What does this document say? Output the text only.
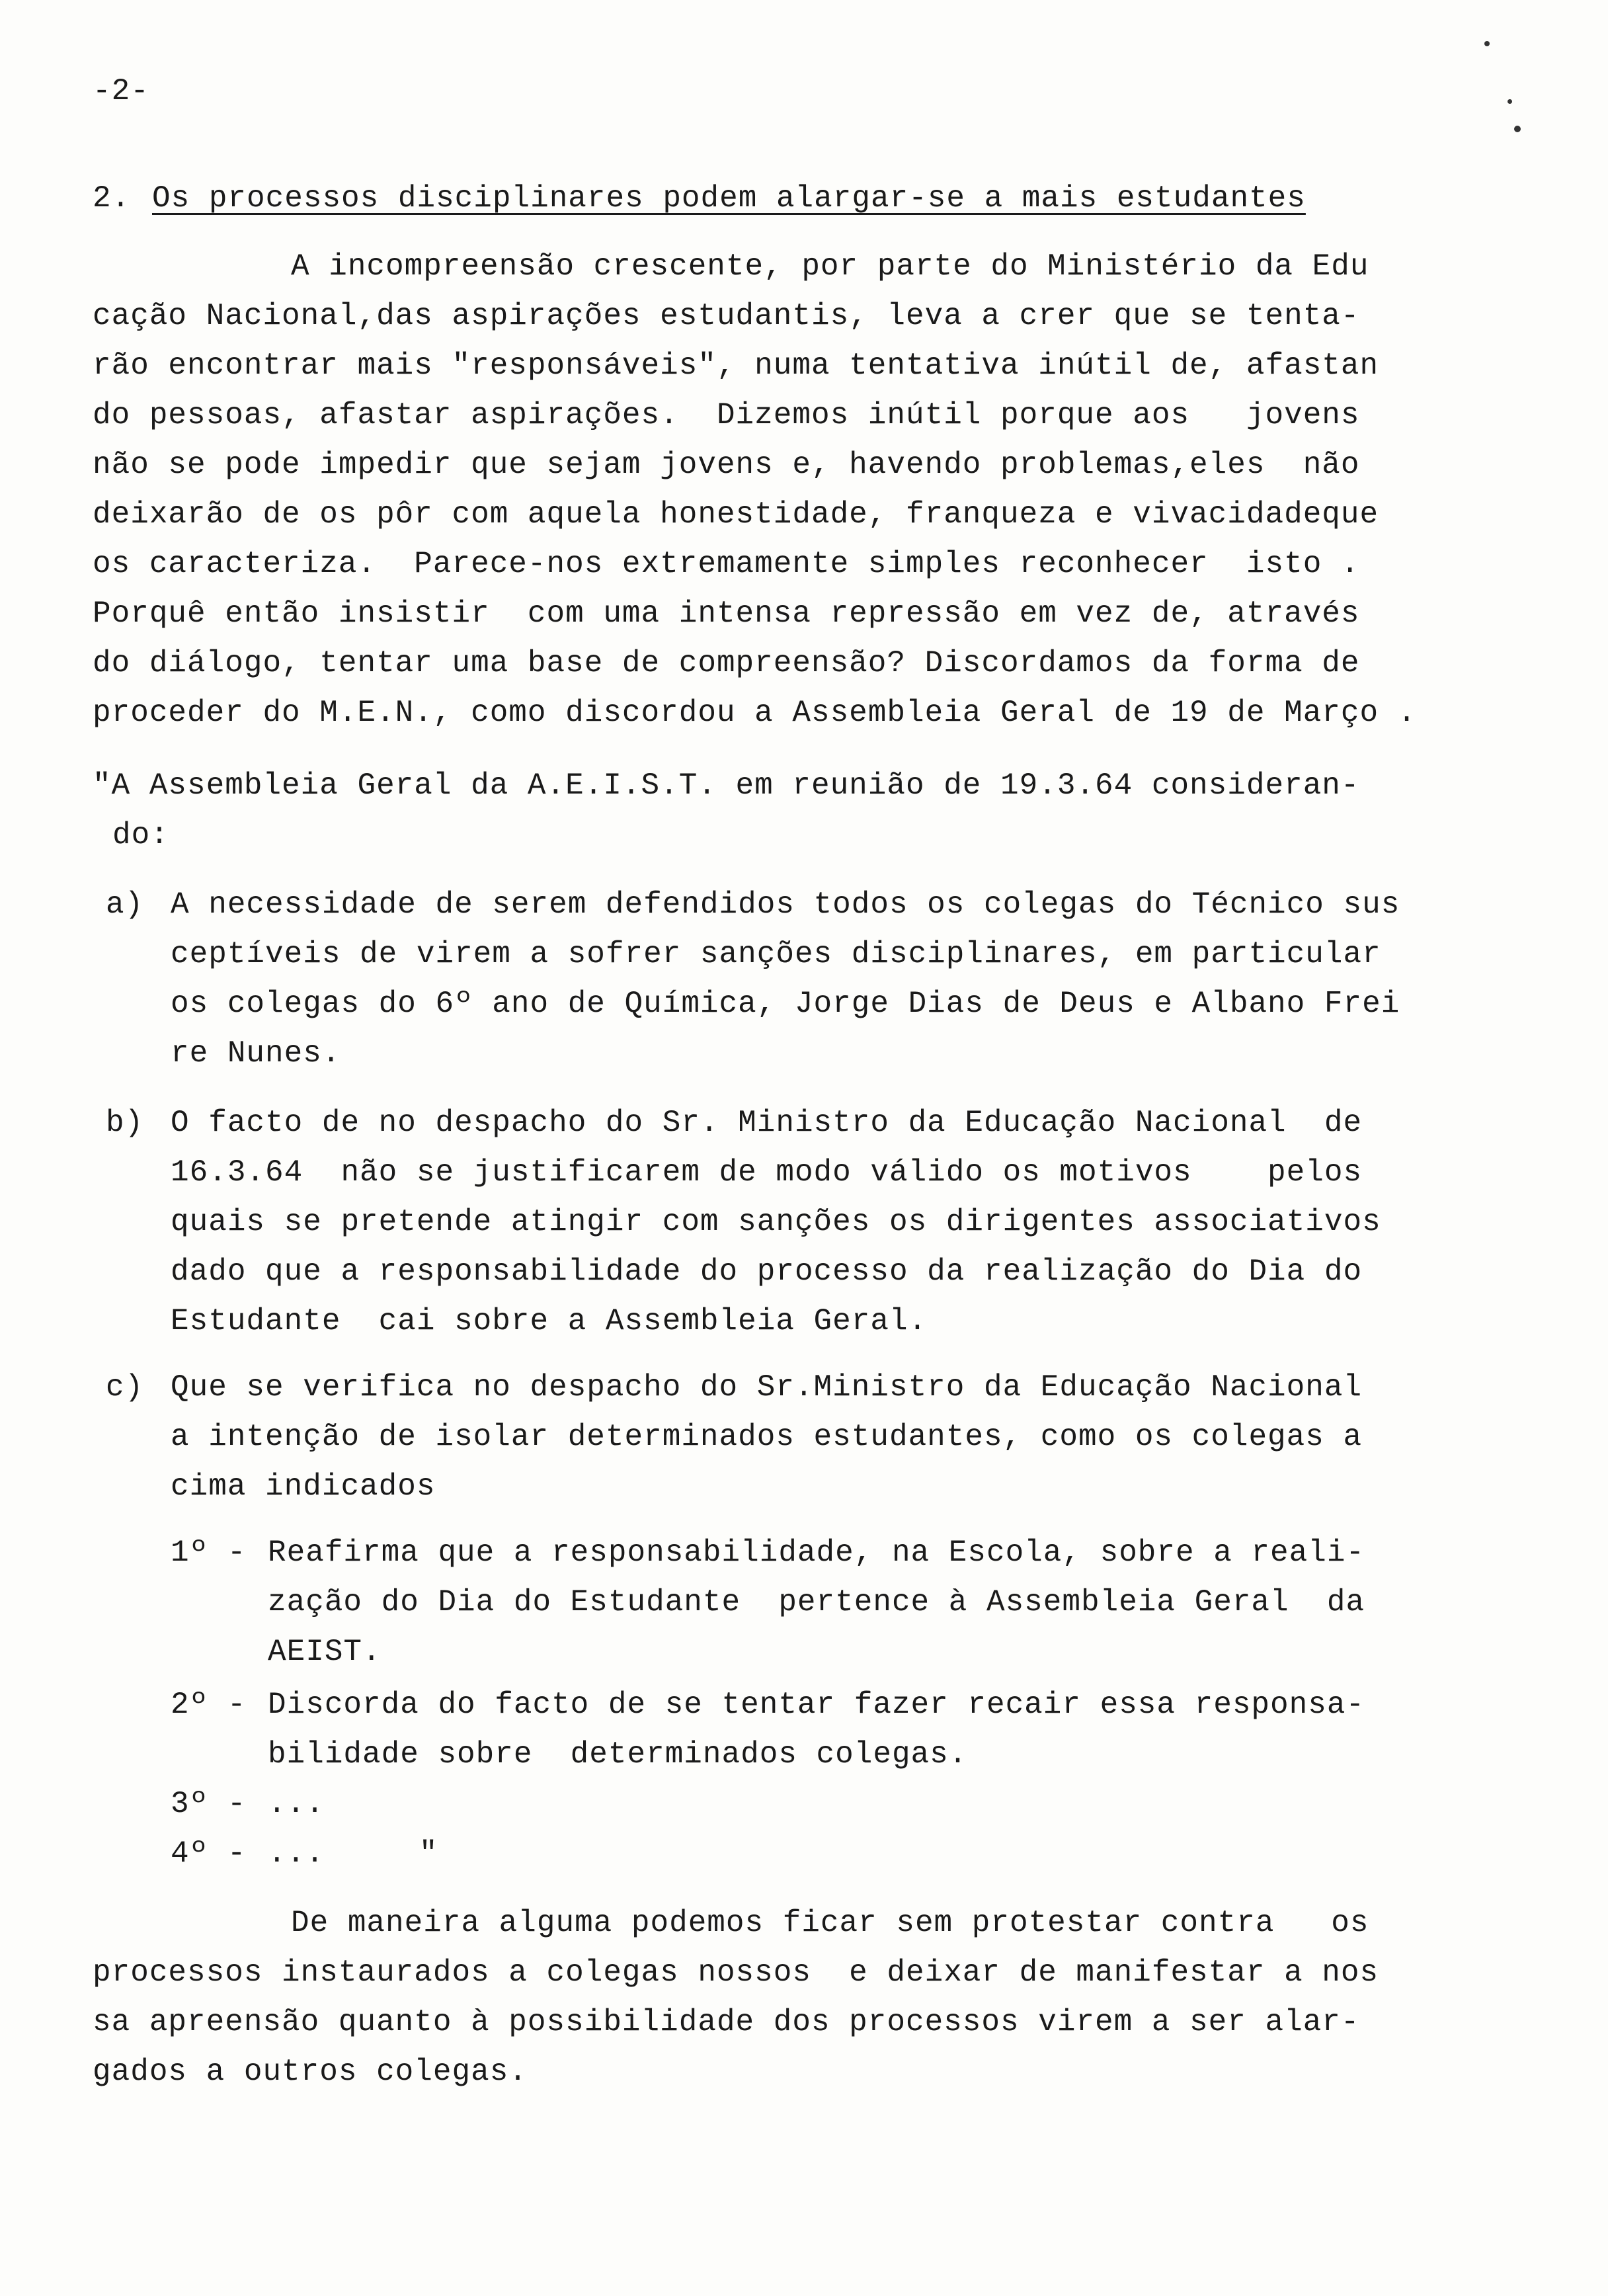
-2-
2. Os processos disciplinares podem alargar-se a mais estudantes
A incompreensão crescente, por parte do Ministério da Edu
cação Nacional,das aspirações estudantis, leva a crer que se tenta-
rão encontrar mais "responsáveis", numa tentativa inútil de, afastan
do pessoas, afastar aspirações.  Dizemos inútil porque aos   jovens
não se pode impedir que sejam jovens e, havendo problemas,eles  não
deixarão de os pôr com aquela honestidade, franqueza e vivacidadeque
os caracteriza.  Parece-nos extremamente simples reconhecer  isto .
Porquê então insistir  com uma intensa repressão em vez de, através
do diálogo, tentar uma base de compreensão? Discordamos da forma de
proceder do M.E.N., como discordou a Assembleia Geral de 19 de Março .
"A Assembleia Geral da A.E.I.S.T. em reunião de 19.3.64 consideran-
do:
a) A necessidade de serem defendidos todos os colegas do Técnico sus
ceptíveis de virem a sofrer sanções disciplinares, em particular
os colegas do 6º ano de Química, Jorge Dias de Deus e Albano Frei
re Nunes.
b) O facto de no despacho do Sr. Ministro da Educação Nacional  de
16.3.64  não se justificarem de modo válido os motivos    pelos
quais se pretende atingir com sanções os dirigentes associativos
dado que a responsabilidade do processo da realização do Dia do
Estudante  cai sobre a Assembleia Geral.
c) Que se verifica no despacho do Sr.Ministro da Educação Nacional
a intenção de isolar determinados estudantes, como os colegas a
cima indicados
1º - Reafirma que a responsabilidade, na Escola, sobre a reali-
zação do Dia do Estudante  pertence à Assembleia Geral  da
AEIST.
2º - Discorda do facto de se tentar fazer recair essa responsa-
bilidade sobre  determinados colegas.
3º - ...
4º - ...     "
De maneira alguma podemos ficar sem protestar contra   os
processos instaurados a colegas nossos  e deixar de manifestar a nos
sa apreensão quanto à possibilidade dos processos virem a ser alar-
gados a outros colegas.
